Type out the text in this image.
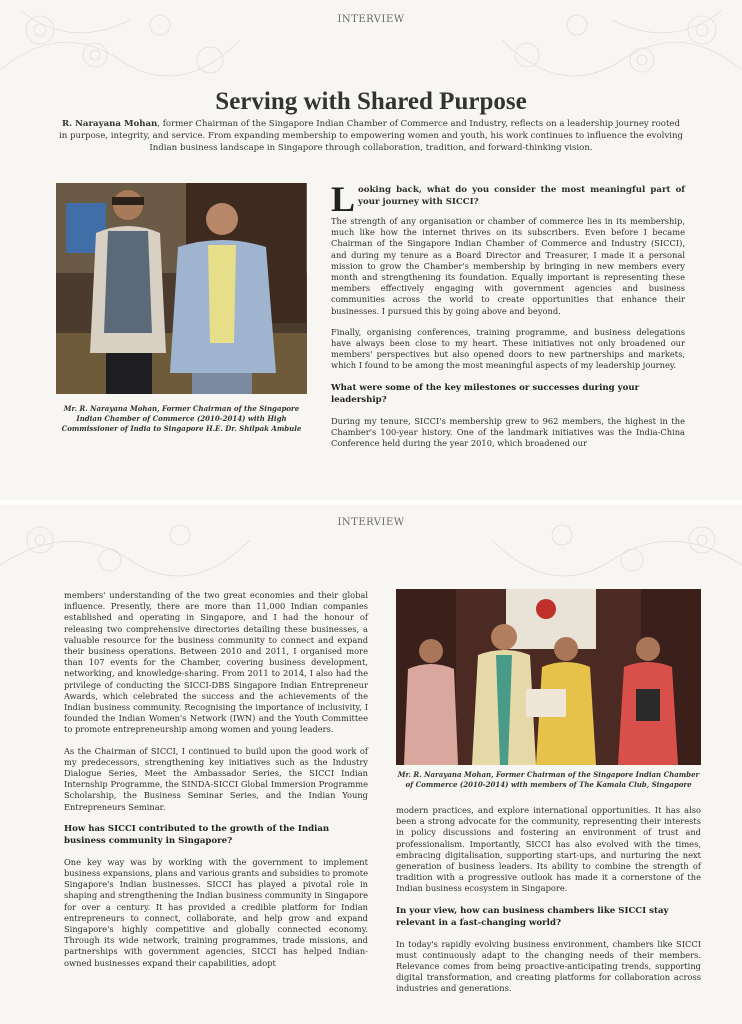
INTERVIEW
Serving with Shared Purpose

R. Narayana Mohan, former Chairman of the Singapore Indian Chamber of Commerce and Industry, reflects on a leadership journey rooted in purpose, integrity, and service. From expanding membership to empowering women and youth, his work continues to influence the evolving Indian business landscape in Singapore through collaboration, tradition, and forward-thinking vision.

Mr. R. Narayana Mohan, Former Chairman of the Singapore Indian Chamber of Commerce (2010-2014) with High Commissioner of India to Singapore H.E. Dr. Shilpak Ambule
Looking back, what do you consider the most meaningful part of your journey with SICCI?

The strength of any organisation or chamber of commerce lies in its membership, much like how the internet thrives on its subscribers. Even before I became Chairman of the Singapore Indian Chamber of Commerce and Industry (SICCI), and during my tenure as a Board Director and Treasurer, I made it a personal mission to grow the Chamber's membership by bringing in new members every month and strengthening its foundation. Equally important is representing these members effectively engaging with government agencies and business communities across the world to create opportunities that enhance their businesses. I pursued this by going above and beyond.

Finally, organising conferences, training programme, and business delegations have always been close to my heart. These initiatives not only broadened our members' perspectives but also opened doors to new partnerships and markets, which I found to be among the most meaningful aspects of my leadership journey.

What were some of the key milestones or successes during your leadership?

During my tenure, SICCI's membership grew to 962 members, the highest in the Chamber's 100-year history. One of the landmark initiatives was the India-China Conference held during the year 2010, which broadened our

INTERVIEW

members' understanding of the two great economies and their global influence. Presently, there are more than 11,000 Indian companies established and operating in Singapore, and I had the honour of releasing two comprehensive directories detailing these businesses, a valuable resource for the business community to connect and expand their business operations. Between 2010 and 2011, I organised more than 107 events for the Chamber, covering business development, networking, and knowledge-sharing. From 2011 to 2014, I also had the privilege of conducting the SICCI-DBS Singapore Indian Entrepreneur Awards, which celebrated the success and the achievements of the Indian business community. Recognising the importance of inclusivity, I founded the Indian Women's Network (IWN) and the Youth Committee to promote entrepreneurship among women and young leaders.

As the Chairman of SICCI, I continued to build upon the good work of my predecessors, strengthening key initiatives such as the Industry Dialogue Series, Meet the Ambassador Series, the SICCI Indian Internship Programme, the SINDA-SICCI Global Immersion Programme Scholarship, the Business Seminar Series, and the Indian Young Entrepreneurs Seminar.

How has SICCI contributed to the growth of the Indian business community in Singapore?

One key way was by working with the government to implement business expansions, plans and various grants and subsidies to promote Singapore's Indian businesses. SICCI has played a pivotal role in shaping and strengthening the Indian business community in Singapore for over a century. It has provided a credible platform for Indian entrepreneurs to connect, collaborate, and help grow and expand Singapore's highly competitive and globally connected economy. Through its wide network, training programmes, trade missions, and partnerships with government agencies, SICCI has helped Indian-owned businesses expand their capabilities, adopt

Mr. R. Narayana Mohan, Former Chairman of the Singapore Indian Chamber of Commerce (2010-2014) with members of The Kamala Club, Singapore

modern practices, and explore international opportunities. It has also been a strong advocate for the community, representing their interests in policy discussions and fostering an environment of trust and professionalism. Importantly, SICCI has also evolved with the times, embracing digitalisation, supporting start-ups, and nurturing the next generation of business leaders. Its ability to combine the strength of tradition with a progressive outlook has made it a cornerstone of the Indian business ecosystem in Singapore.

In your view, how can business chambers like SICCI stay relevant in a fast-changing world?

In today's rapidly evolving business environment, chambers like SICCI must continuously adapt to the changing needs of their members. Relevance comes from being proactive-anticipating trends, supporting digital transformation, and creating platforms for collaboration across industries and generations.
